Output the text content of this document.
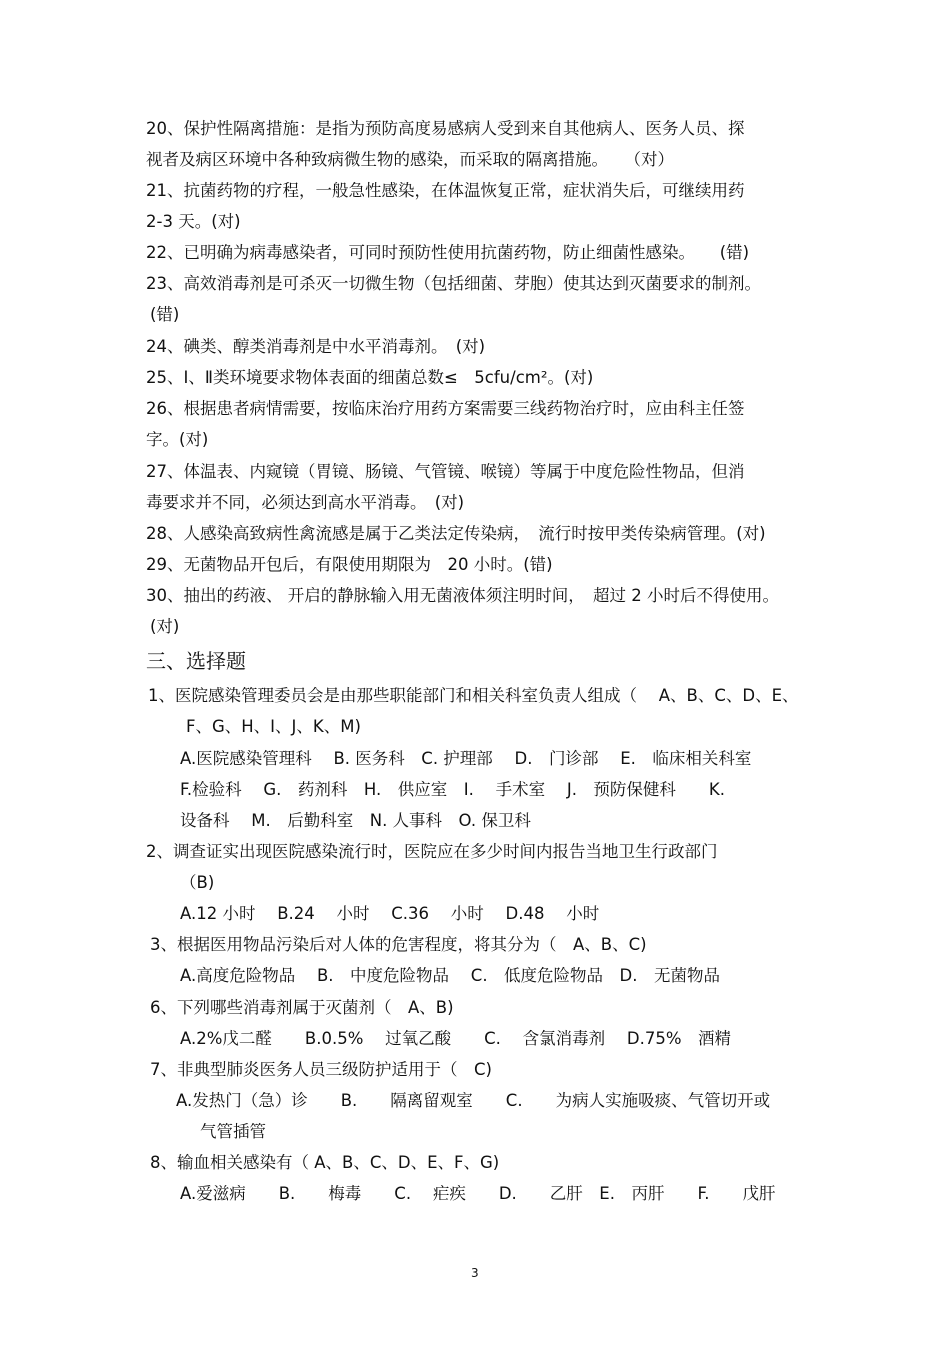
20、保护性隔离措施：是指为预防高度易感病人受到来自其他病人、医务人员、探
视者及病区环境中各种致病微生物的感染，而采取的隔离措施。　　（对）
21、抗菌药物的疗程，一般急性感染，在体温恢复正常，症状消失后，可继续用药
2-3 天。(对)
22、已明确为病毒感染者，可同时预防性使用抗菌药物，防止细菌性感染。　　(错)
23、高效消毒剂是可杀灭一切微生物（包括细菌、芽胞）使其达到灭菌要求的制剂。
(错)
24、碘类、醇类消毒剂是中水平消毒剂。　(对)
25、Ⅰ、Ⅱ类环境要求物体表面的细菌总数≤　5cfu/cm²。(对)
26、根据患者病情需要，按临床治疗用药方案需要三线药物治疗时，应由科主任签
字。(对)
27、体温表、内窥镜（胃镜、肠镜、气管镜、喉镜）等属于中度危险性物品，但消
毒要求并不同，必须达到高水平消毒。　(对)
28、人感染高致病性禽流感是属于乙类法定传染病，　流行时按甲类传染病管理。(对)
29、无菌物品开包后，有限使用期限为　20 小时。(错)
30、抽出的药液、 开启的静脉输入用无菌液体须注明时间，　超过 2 小时后不得使用。
(对)
三、选择题
1、医院感染管理委员会是由那些职能部门和相关科室负责人组成（　 A、B、C、D、E、
F、G、H、I、J、K、M)
A.医院感染管理科　 B. 医务科　C. 护理部　 D.　门诊部　 E.　临床相关科室
F.检验科　 G.　药剂科　H.　供应室　I.　 手术室　 J.　预防保健科　　K.
设备科　 M.　后勤科室　N. 人事科　O. 保卫科
2、调查证实出现医院感染流行时，医院应在多少时间内报告当地卫生行政部门
（B)
A.12 小时　 B.24　 小时　 C.36　 小时　 D.48　 小时
3、根据医用物品污染后对人体的危害程度，将其分为（　A、B、C)
A.高度危险物品　 B.　中度危险物品　 C.　低度危险物品　D.　无菌物品
6、下列哪些消毒剂属于灭菌剂（　A、B)
A.2%戊二醛　　B.0.5%　 过氧乙酸　　C.　 含氯消毒剂　 D.75%　酒精
7、非典型肺炎医务人员三级防护适用于（　C)
A.发热门（急）诊　　B.　　隔离留观室　　C.　　为病人实施吸痰、气管切开或
气管插管
8、输血相关感染有（ A、B、C、D、E、F、G)
A.爱滋病　　B.　　梅毒　　C.　 疟疾　　D.　　乙肝　E.　丙肝　　F.　　戊肝
3
